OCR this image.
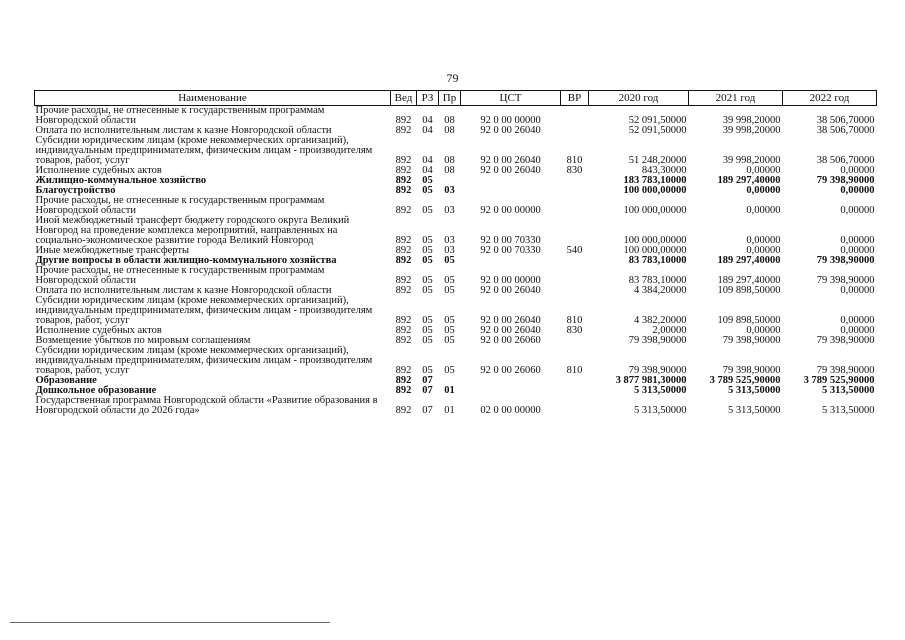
79
Наименование	Вед	РЗ	Пр	ЦСТ	ВР	2020 год	2021 год	2022 год
Прочие расходы, не отнесенные к государственным программам Новгородской области	892	04	08	92 0 00 00000		52 091,50000	39 998,20000	38 506,70000
Оплата по исполнительным листам к казне Новгородской области	892	04	08	92 0 00 26040		52 091,50000	39 998,20000	38 506,70000
Субсидии юридическим лицам (кроме некоммерческих организаций), индивидуальным предпринимателям, физическим лицам - производителям товаров, работ, услуг	892	04	08	92 0 00 26040	810	51 248,20000	39 998,20000	38 506,70000
Исполнение судебных актов	892	04	08	92 0 00 26040	830	843,30000	0,00000	0,00000
Жилищно-коммунальное хозяйство	892	05				183 783,10000	189 297,40000	79 398,90000
Благоустройство	892	05	03			100 000,00000	0,00000	0,00000
Прочие расходы, не отнесенные к государственным программам Новгородской области	892	05	03	92 0 00 00000		100 000,00000	0,00000	0,00000
Иной межбюджетный трансферт бюджету городского округа Великий Новгород на проведение комплекса мероприятий, направленных на социально-экономическое развитие города Великий Новгород	892	05	03	92 0 00 70330		100 000,00000	0,00000	0,00000
Иные межбюджетные трансферты	892	05	03	92 0 00 70330	540	100 000,00000	0,00000	0,00000
Другие вопросы в области жилищно-коммунального хозяйства	892	05	05			83 783,10000	189 297,40000	79 398,90000
Прочие расходы, не отнесенные к государственным программам Новгородской области	892	05	05	92 0 00 00000		83 783,10000	189 297,40000	79 398,90000
Оплата по исполнительным листам к казне Новгородской области	892	05	05	92 0 00 26040		4 384,20000	109 898,50000	0,00000
Субсидии юридическим лицам (кроме некоммерческих организаций), индивидуальным предпринимателям, физическим лицам - производителям товаров, работ, услуг	892	05	05	92 0 00 26040	810	4 382,20000	109 898,50000	0,00000
Исполнение судебных актов	892	05	05	92 0 00 26040	830	2,00000	0,00000	0,00000
Возмещение убытков по мировым соглашениям	892	05	05	92 0 00 26060		79 398,90000	79 398,90000	79 398,90000
Субсидии юридическим лицам (кроме некоммерческих организаций), индивидуальным предпринимателям, физическим лицам - производителям товаров, работ, услуг	892	05	05	92 0 00 26060	810	79 398,90000	79 398,90000	79 398,90000
Образование	892	07				3 877 981,30000	3 789 525,90000	3 789 525,90000
Дошкольное образование	892	07	01			5 313,50000	5 313,50000	5 313,50000
Государственная программа Новгородской области «Развитие образования в Новгородской области до 2026 года»	892	07	01	02 0 00 00000		5 313,50000	5 313,50000	5 313,50000
